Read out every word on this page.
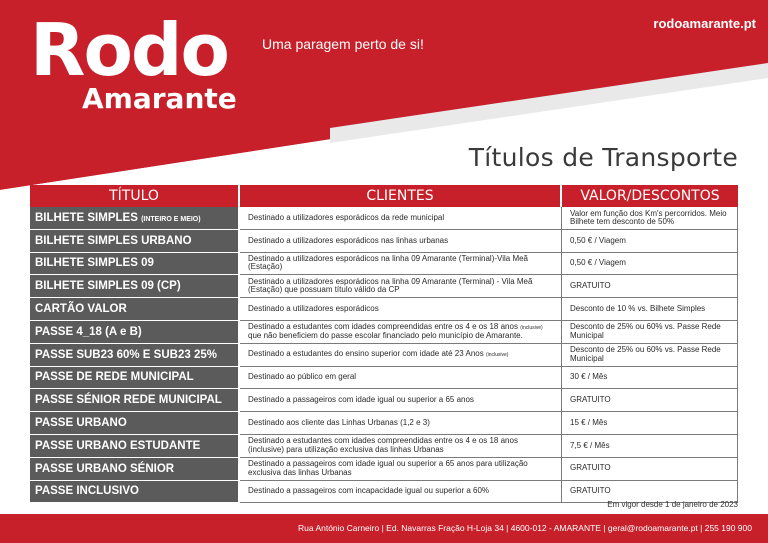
Rodo
Amarante
Uma paragem perto de si!
rodoamarante.pt
Títulos de Transporte
TÍTULO	CLIENTES	VALOR/DESCONTOS
BILHETE SIMPLES (INTEIRO E MEIO)	Destinado a utilizadores esporádicos da rede municipal	Valor em função dos Km's percorridos. Meio Bilhete tem desconto de 50%
BILHETE SIMPLES URBANO	Destinado a utilizadores esporádicos nas linhas urbanas	0,50 € / Viagem
BILHETE SIMPLES 09	Destinado a utilizadores esporádicos na linha 09 Amarante (Terminal)-Vila Meã (Estação)	0,50 € / Viagem
BILHETE SIMPLES 09 (CP)	Destinado a utilizadores esporádicos na linha 09 Amarante (Terminal) - Vila Meã (Estação) que possuam título válido da CP	GRATUITO
CARTÃO VALOR	Destinado a utilizadores esporádicos	Desconto de 10 % vs. Bilhete Simples
PASSE 4_18 (A e B)	Destinado a estudantes com idades compreendidas entre os 4 e os 18 anos (inclusive) que não beneficiem do passe escolar financiado pelo município de Amarante.	Desconto de 25% ou 60% vs. Passe Rede Municipal
PASSE SUB23 60% E SUB23 25%	Destinado a estudantes do ensino superior com idade até 23 Anos (inclusive)	Desconto de 25% ou 60% vs. Passe Rede Municipal
PASSE DE REDE MUNICIPAL	Destinado ao público em geral	30 € / Mês
PASSE SÉNIOR REDE MUNICIPAL	Destinado a passageiros com idade igual ou superior a 65 anos	GRATUITO
PASSE URBANO	Destinado aos cliente das Linhas Urbanas (1,2 e 3)	15 € / Mês
PASSE URBANO ESTUDANTE	Destinado a estudantes com idades compreendidas entre os 4 e os 18 anos (inclusive) para utilização exclusiva das linhas Urbanas	7,5 € / Mês
PASSE URBANO SÉNIOR	Destinado a passageiros com idade igual ou superior a 65 anos para utilização exclusiva das linhas Urbanas	GRATUITO
PASSE INCLUSIVO	Destinado a passageiros com incapacidade igual ou superior a 60%	GRATUITO
Em vigor desde 1 de janeiro de 2023
Rua António Carneiro | Ed. Navarras Fração H-Loja 34 | 4600-012 - AMARANTE | geral@rodoamarante.pt | 255 190 900
